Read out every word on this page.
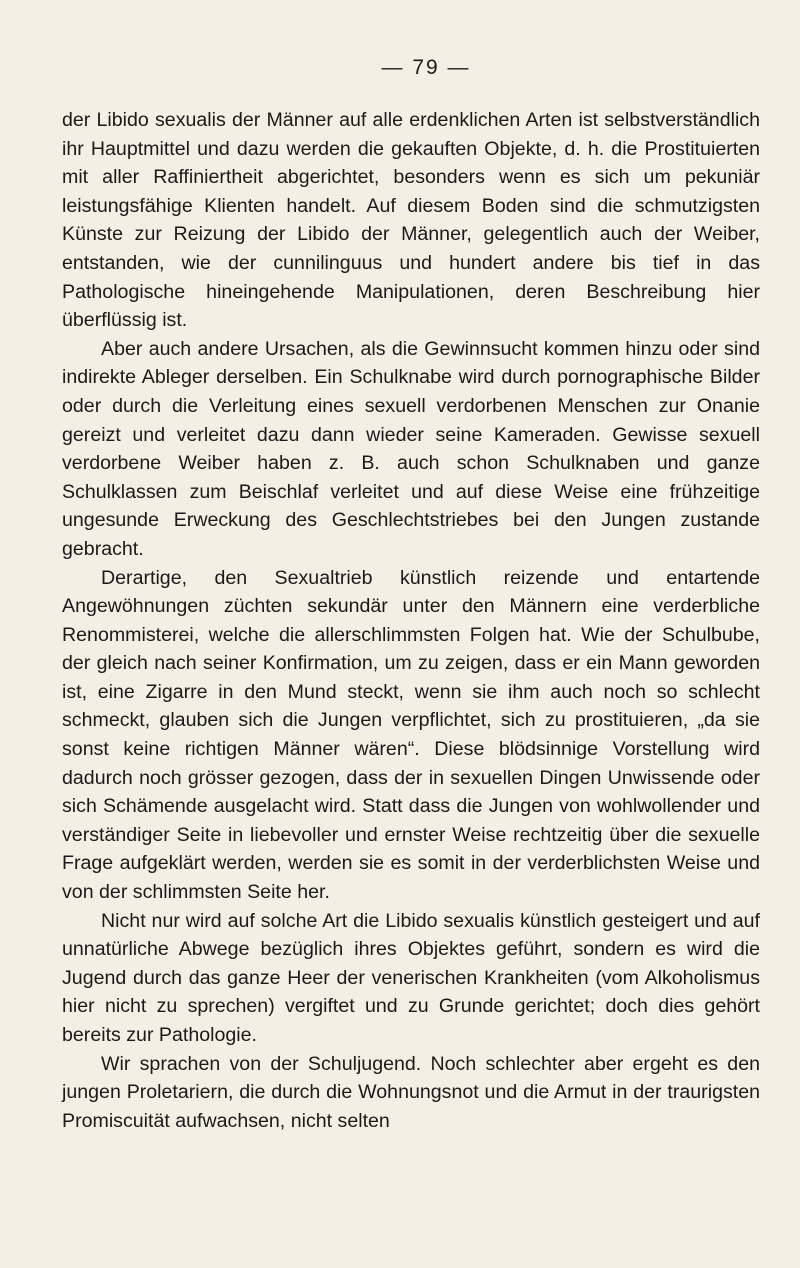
— 79 —

der Libido sexualis der Männer auf alle erdenklichen Arten ist selbstverständlich ihr Hauptmittel und dazu werden die gekauften Objekte, d. h. die Prostituierten mit aller Raffiniertheit abgerichtet, besonders wenn es sich um pekuniär leistungsfähige Klienten handelt. Auf diesem Boden sind die schmutzigsten Künste zur Reizung der Libido der Männer, gelegentlich auch der Weiber, entstanden, wie der cunnilinguus und hundert andere bis tief in das Pathologische hineingehende Manipulationen, deren Beschreibung hier überflüssig ist.

Aber auch andere Ursachen, als die Gewinnsucht kommen hinzu oder sind indirekte Ableger derselben. Ein Schulknabe wird durch pornographische Bilder oder durch die Verleitung eines sexuell verdorbenen Menschen zur Onanie gereizt und verleitet dazu dann wieder seine Kameraden. Gewisse sexuell verdorbene Weiber haben z. B. auch schon Schulknaben und ganze Schulklassen zum Beischlaf verleitet und auf diese Weise eine frühzeitige ungesunde Erweckung des Geschlechtstriebes bei den Jungen zustande gebracht.

Derartige, den Sexualtrieb künstlich reizende und entartende Angewöhnungen züchten sekundär unter den Männern eine verderbliche Renommisterei, welche die allerschlimmsten Folgen hat. Wie der Schulbube, der gleich nach seiner Konfirmation, um zu zeigen, dass er ein Mann geworden ist, eine Zigarre in den Mund steckt, wenn sie ihm auch noch so schlecht schmeckt, glauben sich die Jungen verpflichtet, sich zu prostituieren, „da sie sonst keine richtigen Männer wären“. Diese blödsinnige Vorstellung wird dadurch noch grösser gezogen, dass der in sexuellen Dingen Unwissende oder sich Schämende ausgelacht wird. Statt dass die Jungen von wohlwollender und verständiger Seite in liebevoller und ernster Weise rechtzeitig über die sexuelle Frage aufgeklärt werden, werden sie es somit in der verderblichsten Weise und von der schlimmsten Seite her.

Nicht nur wird auf solche Art die Libido sexualis künstlich gesteigert und auf unnatürliche Abwege bezüglich ihres Objektes geführt, sondern es wird die Jugend durch das ganze Heer der venerischen Krankheiten (vom Alkoholismus hier nicht zu sprechen) vergiftet und zu Grunde gerichtet; doch dies gehört bereits zur Pathologie.

Wir sprachen von der Schuljugend. Noch schlechter aber ergeht es den jungen Proletariern, die durch die Wohnungsnot und die Armut in der traurigsten Promiscuität aufwachsen, nicht selten
